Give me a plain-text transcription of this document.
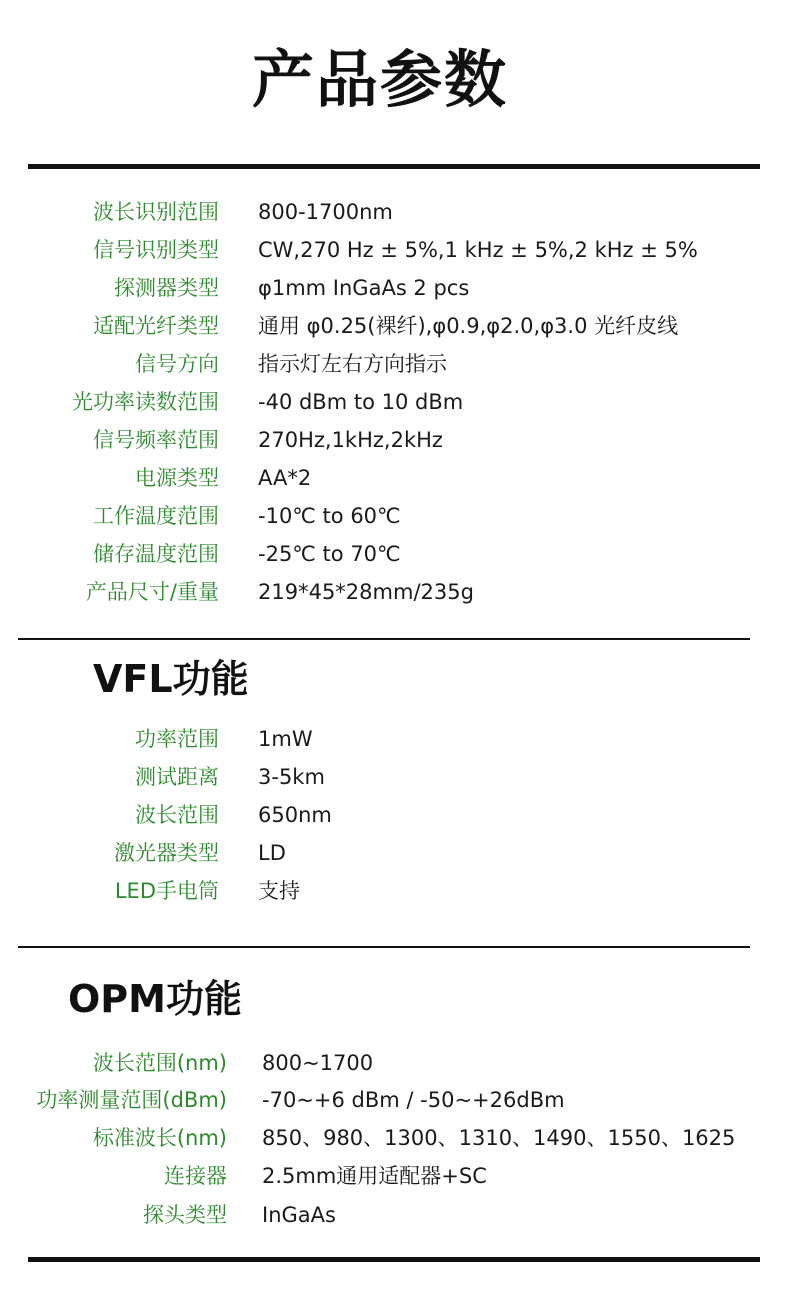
产品参数
波长识别范围 800-1700nm
信号识别类型 CW,270 Hz ± 5%,1 kHz ± 5%,2 kHz ± 5%
探测器类型 φ1mm InGaAs 2 pcs
适配光纤类型 通用 φ0.25(裸纤),φ0.9,φ2.0,φ3.0 光纤皮线
信号方向 指示灯左右方向指示
光功率读数范围 -40 dBm to 10 dBm
信号频率范围 270Hz,1kHz,2kHz
电源类型 AA*2
工作温度范围 -10℃ to 60℃
储存温度范围 -25℃ to 70℃
产品尺寸/重量 219*45*28mm/235g
VFL功能
功率范围 1mW
测试距离 3-5km
波长范围 650nm
激光器类型 LD
LED手电筒 支持
OPM功能
波长范围(nm) 800~1700
功率测量范围(dBm) -70~+6 dBm / -50~+26dBm
标准波长(nm) 850、980、1300、1310、1490、1550、1625
连接器 2.5mm通用适配器+SC
探头类型 InGaAs
